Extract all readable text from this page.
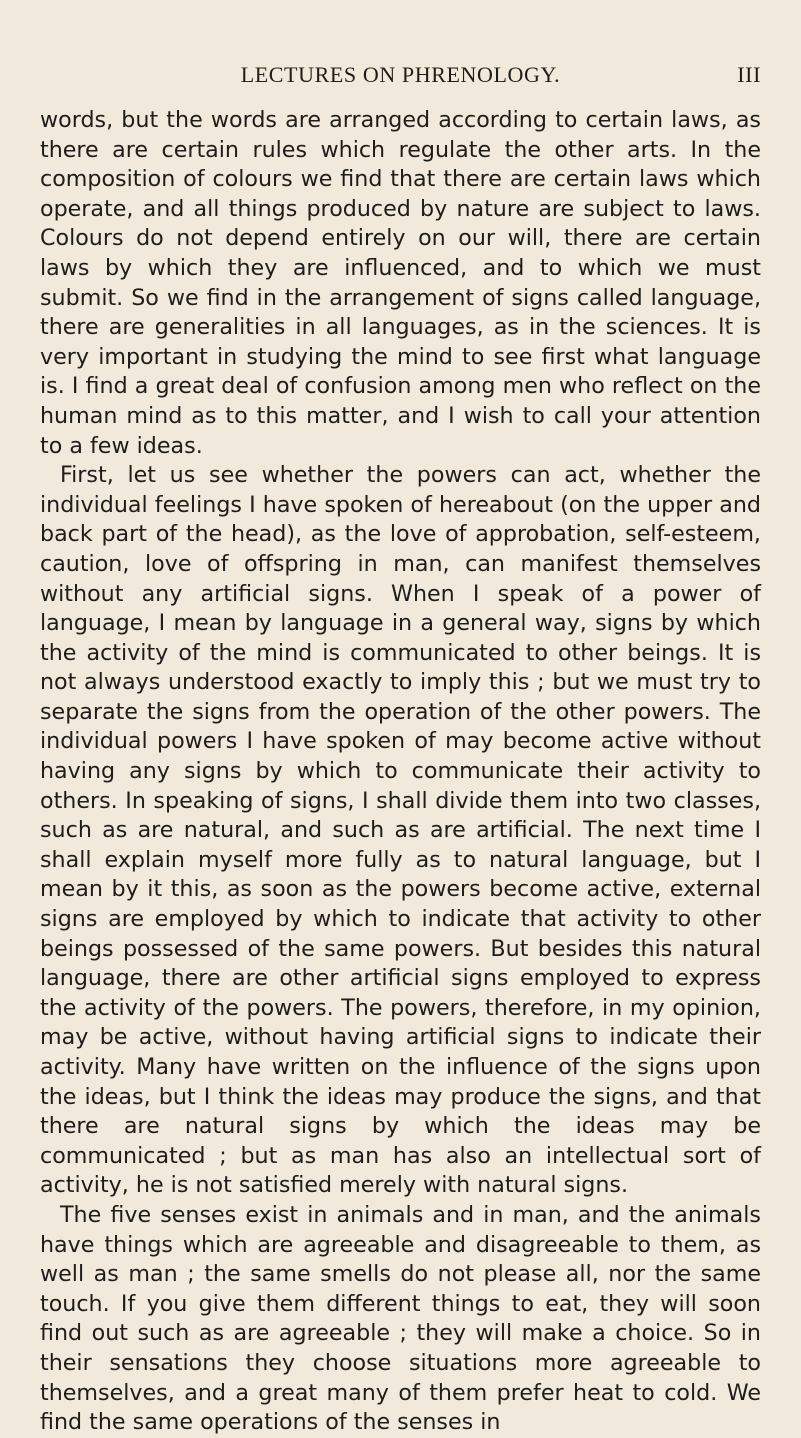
LECTURES ON PHRENOLOGY.	III

words, but the words are arranged according to certain laws, as there are certain rules which regulate the other arts. In the composition of colours we find that there are certain laws which operate, and all things produced by nature are subject to laws. Colours do not depend entirely on our will, there are certain laws by which they are influenced, and to which we must submit. So we find in the arrangement of signs called language, there are generalities in all languages, as in the sciences. It is very important in studying the mind to see first what language is. I find a great deal of confusion among men who reflect on the human mind as to this matter, and I wish to call your attention to a few ideas.

First, let us see whether the powers can act, whether the individual feelings I have spoken of hereabout (on the upper and back part of the head), as the love of approbation, self-esteem, caution, love of offspring in man, can manifest themselves without any artificial signs. When I speak of a power of language, I mean by language in a general way, signs by which the activity of the mind is communicated to other beings. It is not always understood exactly to imply this ; but we must try to separate the signs from the operation of the other powers. The individual powers I have spoken of may become active without having any signs by which to communicate their activity to others. In speaking of signs, I shall divide them into two classes, such as are natural, and such as are artificial. The next time I shall explain myself more fully as to natural language, but I mean by it this, as soon as the powers become active, external signs are employed by which to indicate that activity to other beings possessed of the same powers. But besides this natural language, there are other artificial signs employed to express the activity of the powers. The powers, therefore, in my opinion, may be active, without having artificial signs to indicate their activity. Many have written on the influence of the signs upon the ideas, but I think the ideas may produce the signs, and that there are natural signs by which the ideas may be communicated ; but as man has also an intellectual sort of activity, he is not satisfied merely with natural signs.

The five senses exist in animals and in man, and the animals have things which are agreeable and disagreeable to them, as well as man ; the same smells do not please all, nor the same touch. If you give them different things to eat, they will soon find out such as are agreeable ; they will make a choice. So in their sensations they choose situations more agreeable to themselves, and a great many of them prefer heat to cold. We find the same operations of the senses in
